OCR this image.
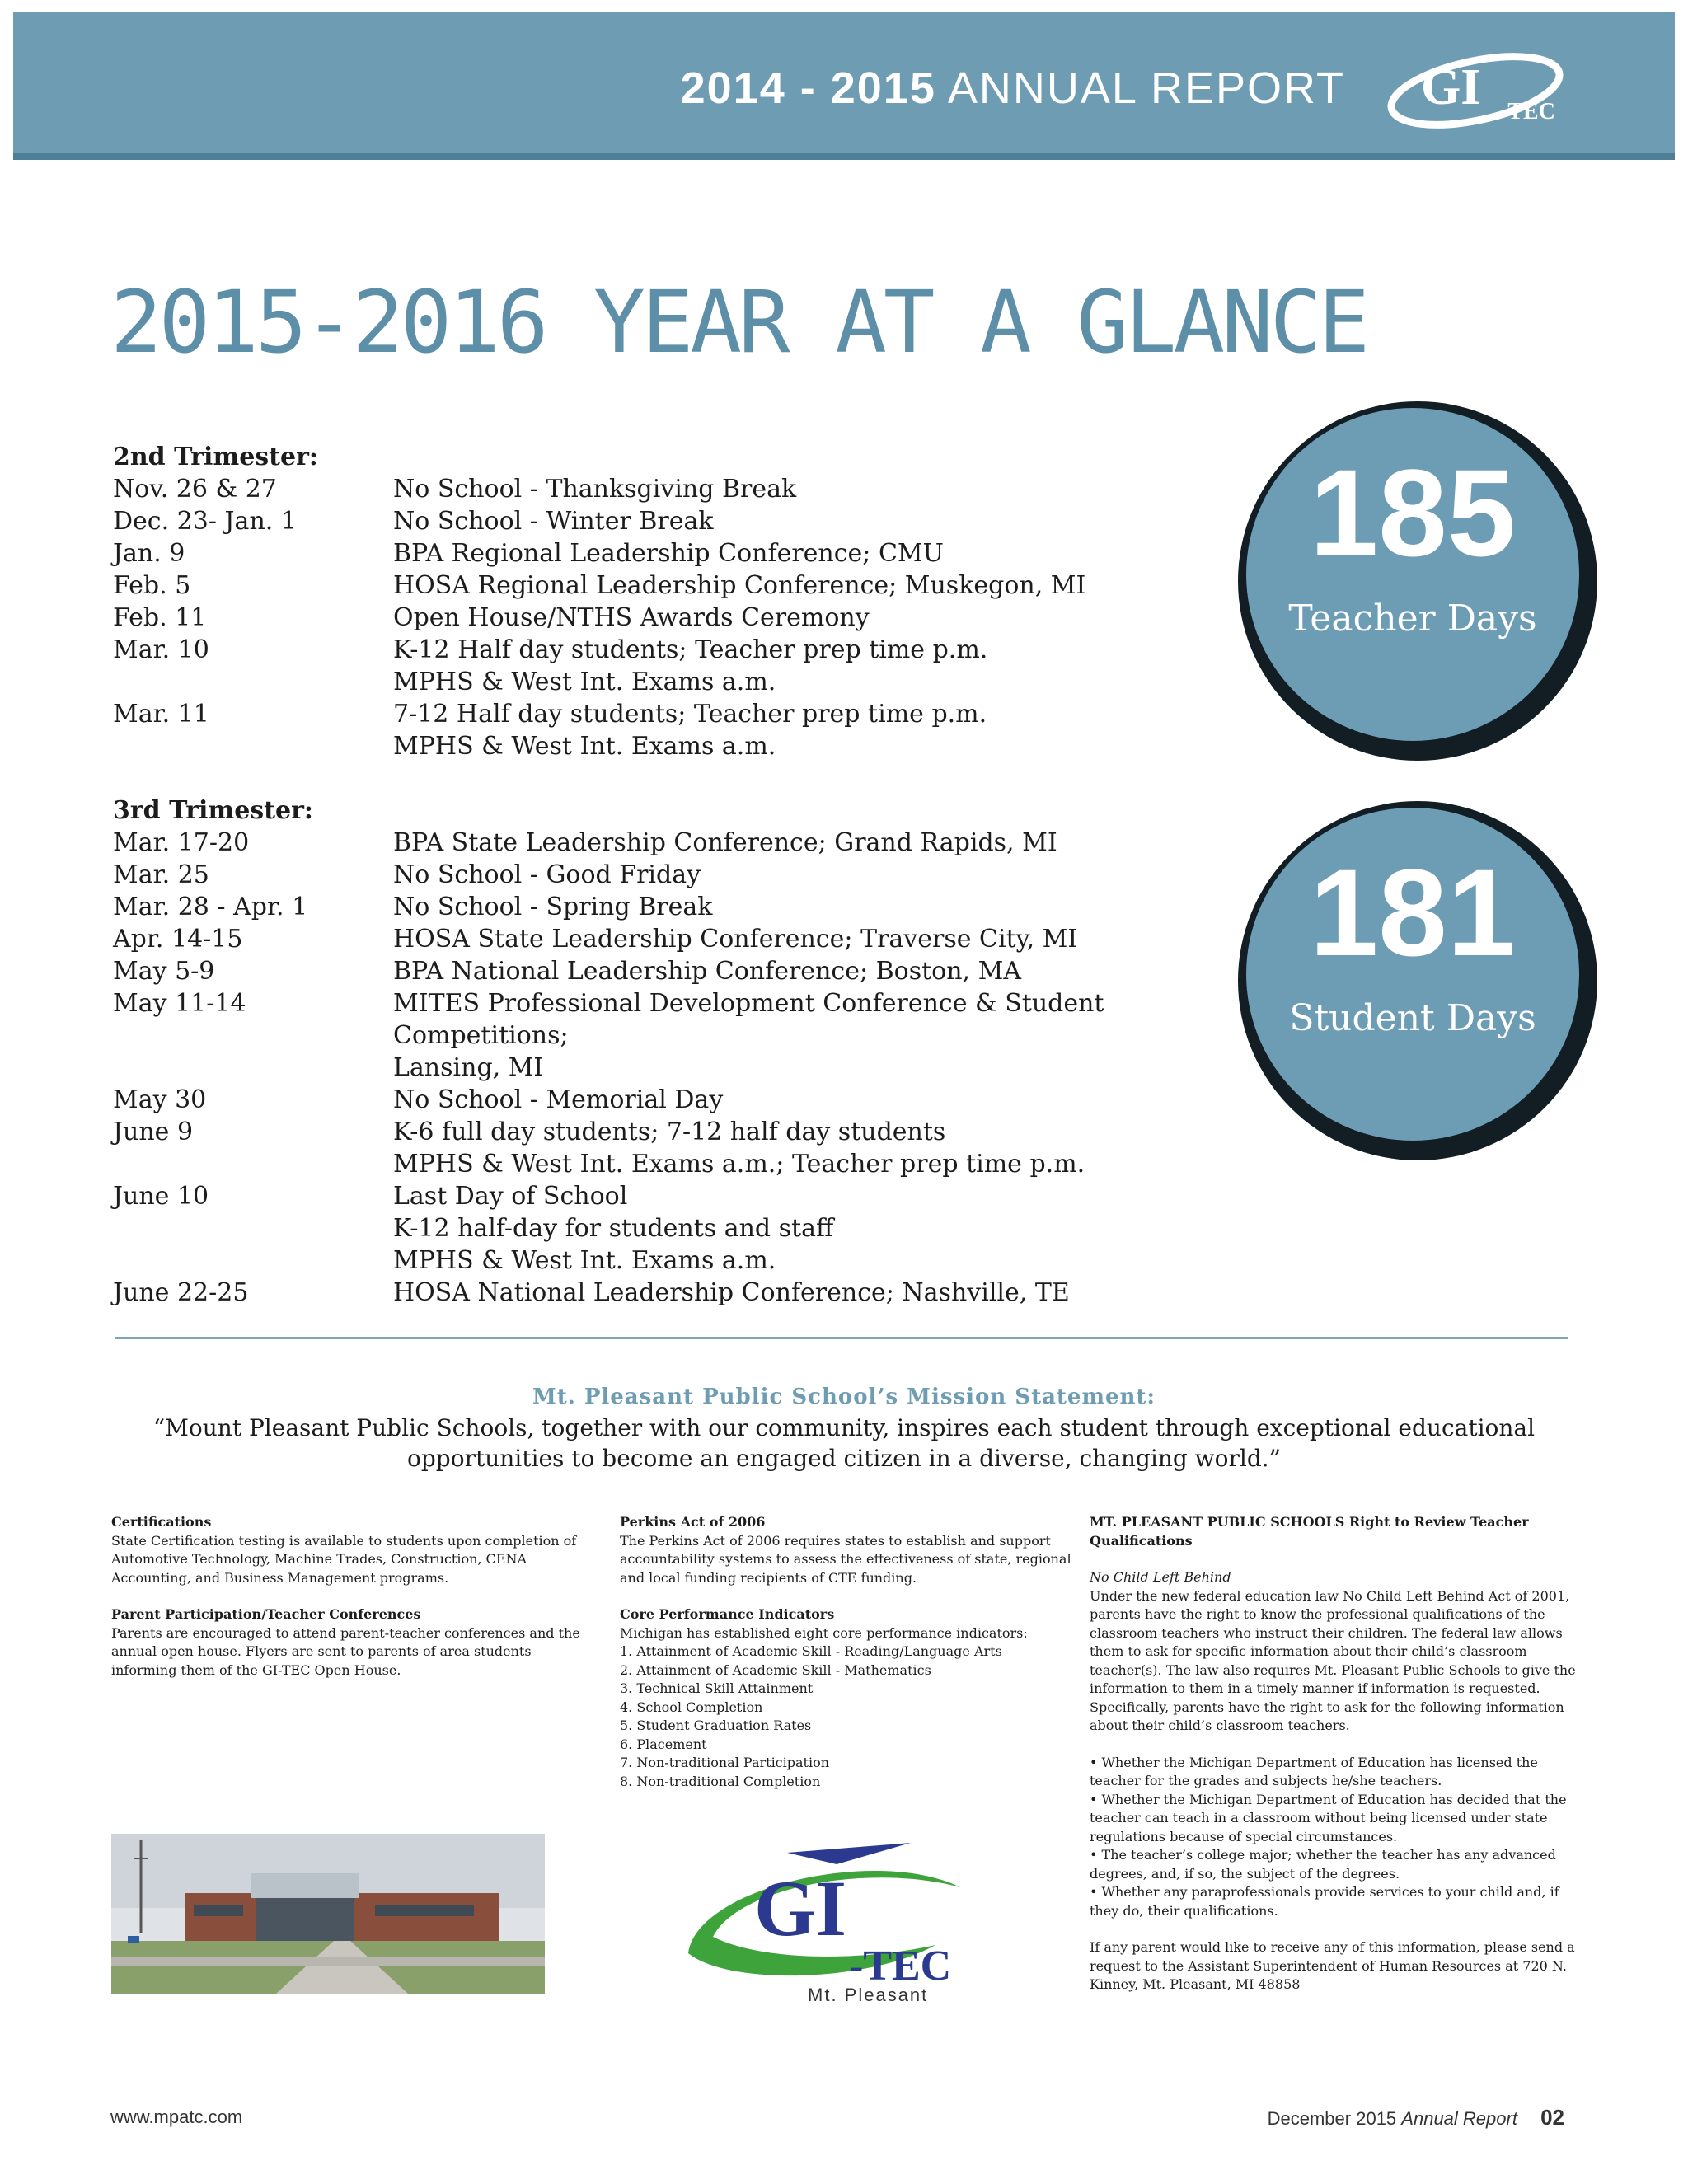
2014 - 2015 ANNUAL REPORT GI -TEC
2015-2016 YEAR AT A GLANCE
2nd Trimester:
Nov. 26 & 27	No School - Thanksgiving Break
Dec. 23- Jan. 1	No School - Winter Break
Jan. 9	BPA Regional Leadership Conference; CMU
Feb. 5	HOSA Regional Leadership Conference; Muskegon, MI
Feb. 11	Open House/NTHS Awards Ceremony
Mar. 10	K-12 Half day students; Teacher prep time p.m.
MPHS & West Int. Exams a.m.
Mar. 11	7-12 Half day students; Teacher prep time p.m.
MPHS & West Int. Exams a.m.
3rd Trimester:
Mar. 17-20	BPA State Leadership Conference; Grand Rapids, MI
Mar. 25	No School - Good Friday
Mar. 28 - Apr. 1	No School - Spring Break
Apr. 14-15	HOSA State Leadership Conference; Traverse City, MI
May 5-9	BPA National Leadership Conference; Boston, MA
May 11-14	MITES Professional Development Conference & Student Competitions;
Lansing, MI
May 30	No School - Memorial Day
June 9	K-6 full day students; 7-12 half day students
MPHS & West Int. Exams a.m.; Teacher prep time p.m.
June 10	Last Day of School
K-12 half-day for students and staff
MPHS & West Int. Exams a.m.
June 22-25	HOSA National Leadership Conference; Nashville, TE
185
Teacher Days
181
Student Days
Mt. Pleasant Public School’s Mission Statement:
“Mount Pleasant Public Schools, together with our community, inspires each student through exceptional educational opportunities to become an engaged citizen in a diverse, changing world.”

Certifications

State Certification testing is available to students upon completion of Automotive Technology, Machine Trades, Construction, CENA Accounting, and Business Management programs.

Parent Participation/Teacher Conferences

Parents are encouraged to attend parent-teacher conferences and the annual open house. Flyers are sent to parents of area students informing them of the GI-TEC Open House.

Perkins Act of 2006

The Perkins Act of 2006 requires states to establish and support accountability systems to assess the effectiveness of state, regional and local funding recipients of CTE funding.

Core Performance Indicators

Michigan has established eight core performance indicators:

1. Attainment of Academic Skill - Reading/Language Arts

2. Attainment of Academic Skill - Mathematics

3. Technical Skill Attainment

4. School Completion

5. Student Graduation Rates

6. Placement

7. Non-traditional Participation

8. Non-traditional Completion

MT. PLEASANT PUBLIC SCHOOLS Right to Review Teacher Qualifications

No Child Left Behind

Under the new federal education law No Child Left Behind Act of 2001, parents have the right to know the professional qualifications of the classroom teachers who instruct their children. The federal law allows them to ask for specific information about their child’s classroom teacher(s). The law also requires Mt. Pleasant Public Schools to give the information to them in a timely manner if information is requested. Specifically, parents have the right to ask for the following information about their child’s classroom teachers.

• Whether the Michigan Department of Education has licensed the teacher for the grades and subjects he/she teachers.

• Whether the Michigan Department of Education has decided that the teacher can teach in a classroom without being licensed under state regulations because of special circumstances.

• The teacher’s college major; whether the teacher has any advanced degrees, and, if so, the subject of the degrees.

• Whether any paraprofessionals provide services to your child and, if they do, their qualifications.

If any parent would like to receive any of this information, please send a request to the Assistant Superintendent of Human Resources at 720 N. Kinney, Mt. Pleasant, MI 48858

GI
-TEC
Mt. Pleasant
www.mpatc.com	December 2015 Annual Report 02
